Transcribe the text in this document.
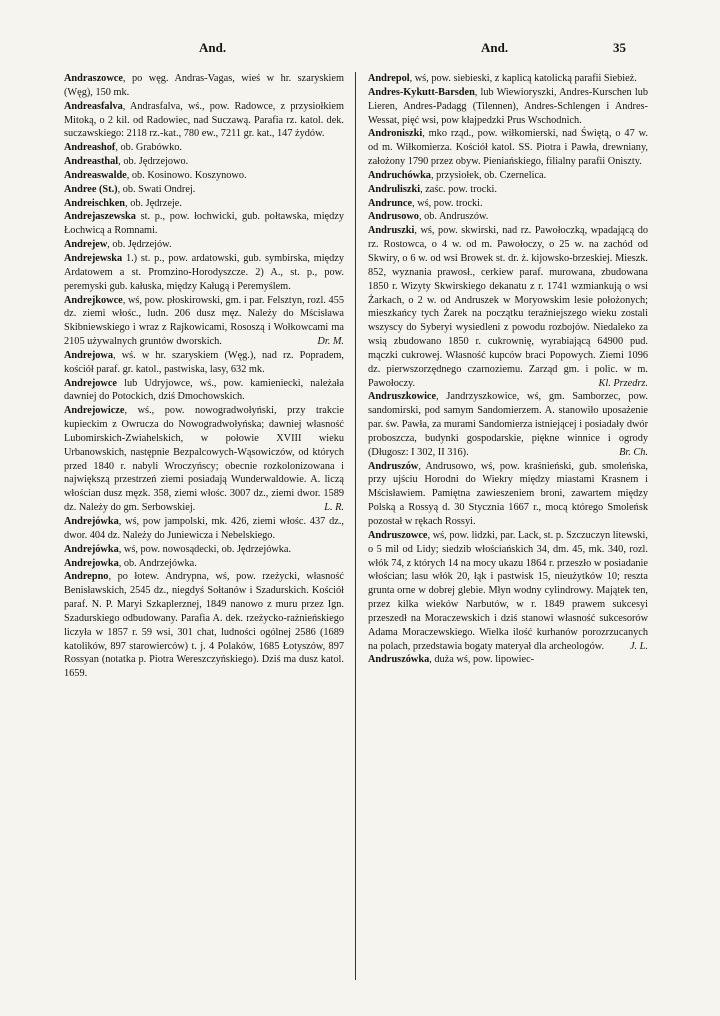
And.	And.	35

Andraszowce, po węg. Andras-Vagas, wieś w hr. szaryskiem (Węg), 150 mk.

Andreasfalva, Andrasfalva, wś., pow. Radowce, z przysiołkiem Mitoką, o 2 kil. od Radowiec, nad Suczawą. Parafia rz. katol. dek. suczawskiego: 2118 rz.-kat., 780 ew., 7211 gr. kat., 147 żydów.

Andreashof, ob. Grabówko.

Andreasthal, ob. Jędrzejowo.

Andreaswalde, ob. Kosinowo. Koszynowo.

Andree (St.), ob. Swati Ondrej.

Andreischken, ob. Jędrzeje.

Andrejaszewska st. p., pow. łochwicki, gub. połtawska, między Łochwicą a Romnami.

Andrejew, ob. Jędrzejów.

Andrejewska 1.) st. p., pow. ardatowski, gub. symbirska, między Ardatowem a st. Promzino-Horodyszcze. 2) A., st. p., pow. peremyski gub. kałuska, między Kaługą i Peremyślem.

Andrejkowce, wś, pow. płoskirowski, gm. i par. Felsztyn, rozl. 455 dz. ziemi włośc., ludn. 206 dusz męz. Należy do Mścisława Skibniewskiego i wraz z Rajkowicami, Rososzą i Wołkowcami ma 2105 używalnych gruntów dworskich.	Dr. M.

Andrejowa, wś. w hr. szaryskiem (Węg.), nad rz. Popradem, kościół paraf. gr. katol., pastwiska, lasy, 632 mk.

Andrejowce lub Udryjowce, wś., pow. kamieniecki, należała dawniej do Potockich, dziś Dmochowskich.

Andrejowicze, wś., pow. nowogradwołyński, przy trakcie kupieckim z Owrucza do Nowogradwołyńska; dawniej własność Lubomirskich-Zwiahelskich, w połowie XVIII wieku Urbanowskich, następnie Bezpalcowych-Wąsowiczów, od których przed 1840 r. nabyli Wroczyńscy; obecnie rozkolonizowana i największą przestrzeń ziemi posiadają Wunderwaldowie. A. liczą włościan dusz męzk. 358, ziemi włośc. 3007 dz., ziemi dwor. 1589 dz. Należy do gm. Serbowskiej.	L. R.

Andrejówka, wś, pow jampolski, mk. 426, ziemi włośc. 437 dz., dwor. 404 dz. Należy do Juniewicza i Nebelskiego.

Andrejówka, wś, pow. nowosądecki, ob. Jędrzejówka.

Andrejowka, ob. Andrzejówka.

Andrepno, po łotew. Andrypna, wś, pow. rzeżycki, własność Benisławskich, 2545 dz., niegdyś Sołtanów i Szadurskich. Kościół paraf. N. P. Maryi Szkaplerznej, 1849 nanowo z muru przez Ign. Szadurskiego odbudowany. Parafia A. dek. rzeżycko-rażnieńskiego liczyła w 1857 r. 59 wsi, 301 chat, ludności ogólnej 2586 (1689 katolików, 897 starowierców) t. j. 4 Polaków, 1685 Łotyszów, 897 Rossyan (notatka p. Piotra Wereszczyńskiego). Dziś ma dusz katol. 1659.

Andrepol, wś, pow. siebieski, z kaplicą katolicką parafii Siebież.

Andres-Kykutt-Barsden, lub Wiewioryszki, Andres-Kurschen lub Lieren, Andres-Padagg (Tilennen), Andres-Schlengen i Andres-Wessat, pięć wsi, pow kłajpedzki Prus Wschodnich.

Androniszki, mko rząd., pow. wiłkomierski, nad Świętą, o 47 w. od m. Wiłkomierza. Kościół katol. SS. Piotra i Pawła, drewniany, założony 1790 przez obyw. Pieniańskiego, filialny parafii Oniszty.

Andruchówka, przysiołek, ob. Czernelica.

Andruliszki, zaśc. pow. trocki.

Andrunce, wś, pow. trocki.

Andrusowo, ob. Andruszów.

Andruszki, wś, pow. skwirski, nad rz. Pawołoczką, wpadającą do rz. Rostowca, o 4 w. od m. Pawołoczy, o 25 w. na zachód od Skwiry, o 6 w. od wsi Browek st. dr. ż. kijowsko-brzeskiej. Mieszk. 852, wyznania prawosł., cerkiew paraf. murowana, zbudowana 1850 r. Wizyty Skwirskiego dekanatu z r. 1741 wzmiankują o wsi Żarkach, o 2 w. od Andruszek w Moryowskim lesie położonych; mieszkańcy tych Żarek na początku teraźniejszego wieku zostali wszyscy do Syberyi wysiedleni z powodu rozbojów. Niedaleko za wsią zbudowano 1850 r. cukrownię, wyrabiającą 64900 pud. mączki cukrowej. Własność kupców braci Popowych. Ziemi 1096 dz. pierwszorzędnego czarnoziemu. Zarząd gm. i polic. w m. Pawołoczy.	Kl. Przedrz.

Andruszkowice, Jandrzyszkowice, wś, gm. Samborzec, pow. sandomirski, pod samym Sandomierzem. A. stanowiło uposażenie par. św. Pawła, za murami Sandomierza istniejącej i posiadały dwór proboszcza, budynki gospodarskie, piękne winnice i ogrody (Długosz: I 302, II 316).	Br. Ch.

Andruszów, Andrusowo, wś, pow. kraśnieński, gub. smoleńska, przy ujściu Horodni do Wiekry między miastami Krasnem i Mścisławiem. Pamiętna zawieszeniem broni, zawartem między Polską a Rossyą d. 30 Stycznia 1667 r., mocą którego Smoleńsk pozostał w rękach Rossyi.

Andruszowce, wś, pow. lidzki, par. Lack, st. p. Szczuczyn litewski, o 5 mil od Lidy; siedzib włościańskich 34, dm. 45, mk. 340, rozl. włók 74, z których 14 na mocy ukazu 1864 r. przeszło w posiadanie włościan; lasu włók 20, łąk i pastwisk 15, nieużytków 10; reszta grunta orne w dobrej glebie. Młyn wodny cylindrowy. Majątek ten, przez kilka wieków Narbutów, w r. 1849 prawem sukcesyi przeszedł na Moraczewskich i dziś stanowi własność sukcesorów Adama Moraczewskiego. Wielka ilość kurhanów porozrzucanych na polach, przedstawia bogaty materyał dla archeologów.	J. L.

Andruszówka, duża wś, pow. lipowiec-
